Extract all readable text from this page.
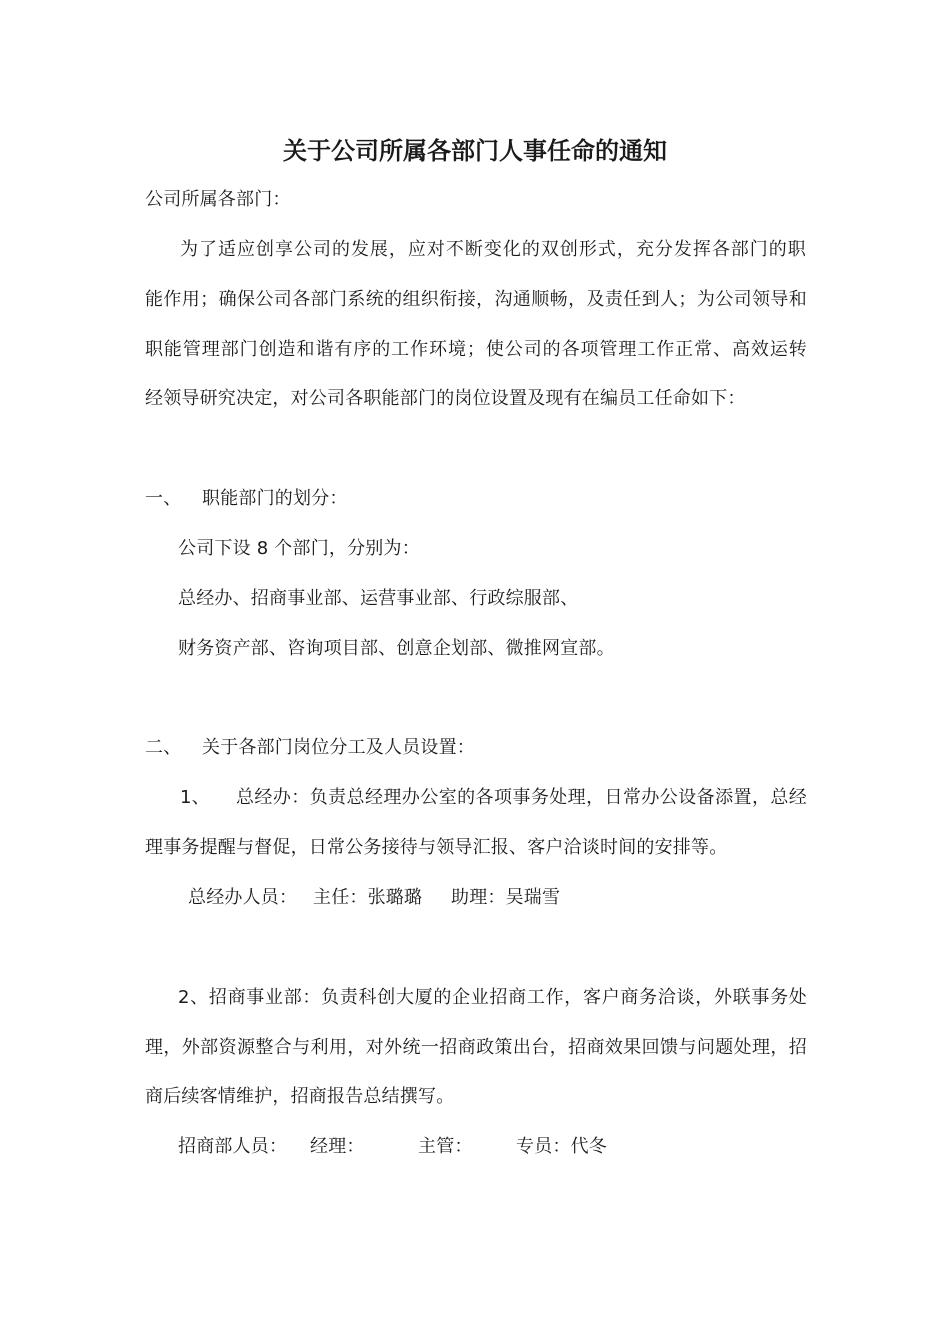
关于公司所属各部门人事任命的通知
公司所属各部门：
为了适应创享公司的发展，应对不断变化的双创形式，充分发挥各部门的职
能作用；确保公司各部门系统的组织衔接，沟通顺畅，及责任到人；为公司领导和
职能管理部门创造和谐有序的工作环境；使公司的各项管理工作正常、高效运转
经领导研究决定，对公司各职能部门的岗位设置及现有在编员工任命如下：
一、 职能部门的划分：
公司下设 8 个部门，分别为：
总经办、招商事业部、运营事业部、行政综服部、
财务资产部、咨询项目部、创意企划部、微推网宣部。
二、 关于各部门岗位分工及人员设置：
1、 总经办：负责总经理办公室的各项事务处理，日常办公设备添置，总经
理事务提醒与督促，日常公务接待与领导汇报、客户洽谈时间的安排等。
总经办人员： 主任：张璐璐 助理：吴瑞雪
2、招商事业部：负责科创大厦的企业招商工作，客户商务洽谈，外联事务处
理，外部资源整合与利用，对外统一招商政策出台，招商效果回馈与问题处理，招
商后续客情维护，招商报告总结撰写。
招商部人员： 经理：	主管： 专员：代冬
